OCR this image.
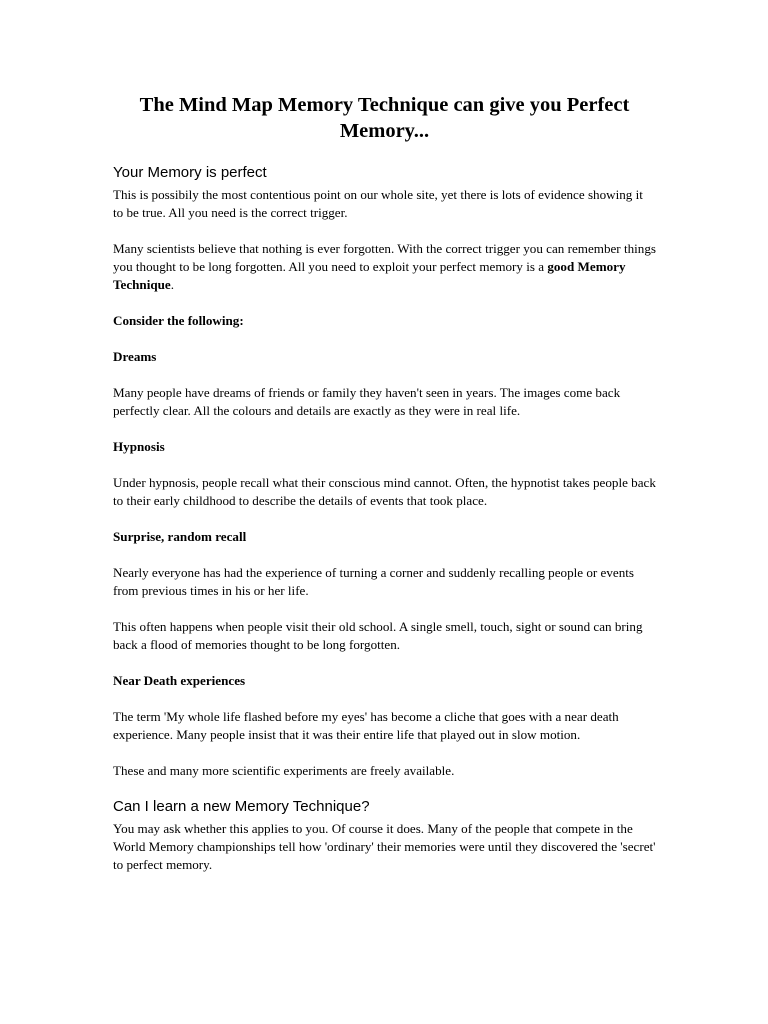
The Mind Map Memory Technique can give you Perfect Memory...
Your Memory is perfect

This is possibily the most contentious point on our whole site, yet there is lots of evidence showing it to be true. All you need is the correct trigger.

Many scientists believe that nothing is ever forgotten. With the correct trigger you can remember things you thought to be long forgotten. All you need to exploit your perfect memory is a good Memory Technique.

Consider the following:

Dreams

Many people have dreams of friends or family they haven't seen in years. The images come back perfectly clear. All the colours and details are exactly as they were in real life.

Hypnosis

Under hypnosis, people recall what their conscious mind cannot. Often, the hypnotist takes people back to their early childhood to describe the details of events that took place.

Surprise, random recall

Nearly everyone has had the experience of turning a corner and suddenly recalling people or events from previous times in his or her life.

This often happens when people visit their old school. A single smell, touch, sight or sound can bring back a flood of memories thought to be long forgotten.

Near Death experiences

The term 'My whole life flashed before my eyes' has become a cliche that goes with a near death experience. Many people insist that it was their entire life that played out in slow motion.

These and many more scientific experiments are freely available.

Can I learn a new Memory Technique?

You may ask whether this applies to you. Of course it does. Many of the people that compete in the World Memory championships tell how 'ordinary' their memories were until they discovered the 'secret' to perfect memory.
